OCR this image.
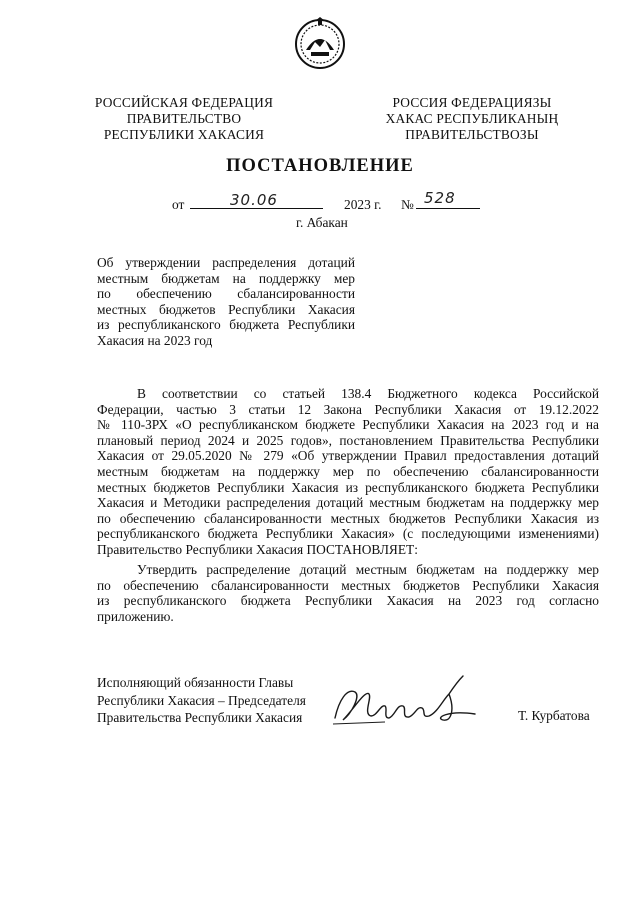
РОССИЙСКАЯ ФЕДЕРАЦИЯ
ПРАВИТЕЛЬСТВО
РЕСПУБЛИКИ ХАКАСИЯ
РОССИЯ ФЕДЕРАЦИЯЗЫ
ХАКАС РЕСПУБЛИКАНЫҢ
ПРАВИТЕЛЬСТВОЗЫ
ПОСТАНОВЛЕНИЕ
от	30.06	2023 г. № 528
г. Абакан
Об утверждении распределения дотаций
местным бюджетам на поддержку мер
по обеспечению сбалансированности
местных бюджетов Республики Хакасия
из республиканского бюджета Республики
Хакасия на 2023 год
В соответствии со статьей 138.4 Бюджетного кодекса Российской
Федерации, частью 3 статьи 12 Закона Республики Хакасия от 19.12.2022
№ 110-ЗРХ «О республиканском бюджете Республики Хакасия на 2023 год и на
плановый период 2024 и 2025 годов», постановлением Правительства Республики
Хакасия от 29.05.2020 № 279 «Об утверждении Правил предоставления дотаций
местным бюджетам на поддержку мер по обеспечению сбалансированности
местных бюджетов Республики Хакасия из республиканского бюджета Республики
Хакасия и Методики распределения дотаций местным бюджетам на поддержку мер
по обеспечению сбалансированности местных бюджетов Республики Хакасия из
республиканского бюджета Республики Хакасия» (с последующими изменениями)
Правительство Республики Хакасия ПОСТАНОВЛЯЕТ:
Утвердить распределение дотаций местным бюджетам на поддержку мер
по обеспечению сбалансированности местных бюджетов Республики Хакасия
из республиканского бюджета Республики Хакасия на 2023 год согласно
приложению.
Исполняющий обязанности Главы
Республики Хакасия – Председателя
Правительства Республики Хакасия	Т. Курбатова
